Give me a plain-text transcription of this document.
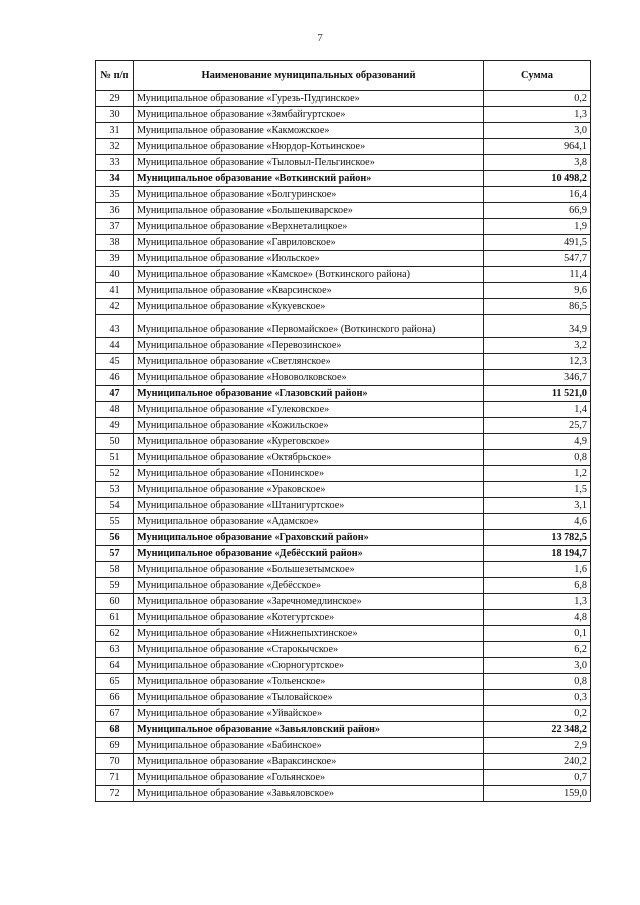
7
№ п/п	Наименование муниципальных образований	Сумма
29	Муниципальное образование «Гурезь-Пудгинское»	0,2
30	Муниципальное образование «Зямбайгуртское»	1,3
31	Муниципальное образование «Какможское»	3,0
32	Муниципальное образование «Нюрдор-Котьинское»	964,1
33	Муниципальное образование «Тыловыл-Пельгинское»	3,8
34	Муниципальное образование «Воткинский район»	10 498,2
35	Муниципальное образование «Болгуринское»	16,4
36	Муниципальное образование «Большекиварское»	66,9
37	Муниципальное образование «Верхнеталицкое»	1,9
38	Муниципальное образование «Гавриловское»	491,5
39	Муниципальное образование «Июльское»	547,7
40	Муниципальное образование «Камское» (Воткинского района)	11,4
41	Муниципальное образование «Кварсинское»	9,6
42	Муниципальное образование «Кукуевское»	86,5
43	Муниципальное образование «Первомайское» (Воткинского района)	34,9
44	Муниципальное образование «Перевозинское»	3,2
45	Муниципальное образование «Светлянское»	12,3
46	Муниципальное образование «Нововолковское»	346,7
47	Муниципальное образование «Глазовский район»	11 521,0
48	Муниципальное образование «Гулековское»	1,4
49	Муниципальное образование «Кожильское»	25,7
50	Муниципальное образование «Куреговское»	4,9
51	Муниципальное образование «Октябрьское»	0,8
52	Муниципальное образование «Понинское»	1,2
53	Муниципальное образование «Ураковское»	1,5
54	Муниципальное образование «Штанигуртское»	3,1
55	Муниципальное образование «Адамское»	4,6
56	Муниципальное образование «Граховский район»	13 782,5
57	Муниципальное образование «Дебёсский район»	18 194,7
58	Муниципальное образование «Большезетымское»	1,6
59	Муниципальное образование «Дебёсское»	6,8
60	Муниципальное образование «Заречномедлинское»	1,3
61	Муниципальное образование «Котегуртское»	4,8
62	Муниципальное образование «Нижнепыхтинское»	0,1
63	Муниципальное образование «Старокычское»	6,2
64	Муниципальное образование «Сюрногуртское»	3,0
65	Муниципальное образование «Тольенское»	0,8
66	Муниципальное образование «Тыловайское»	0,3
67	Муниципальное образование «Уйвайское»	0,2
68	Муниципальное образование «Завьяловский район»	22 348,2
69	Муниципальное образование «Бабинское»	2,9
70	Муниципальное образование «Вараксинское»	240,2
71	Муниципальное образование «Гольянское»	0,7
72	Муниципальное образование «Завьяловское»	159,0
